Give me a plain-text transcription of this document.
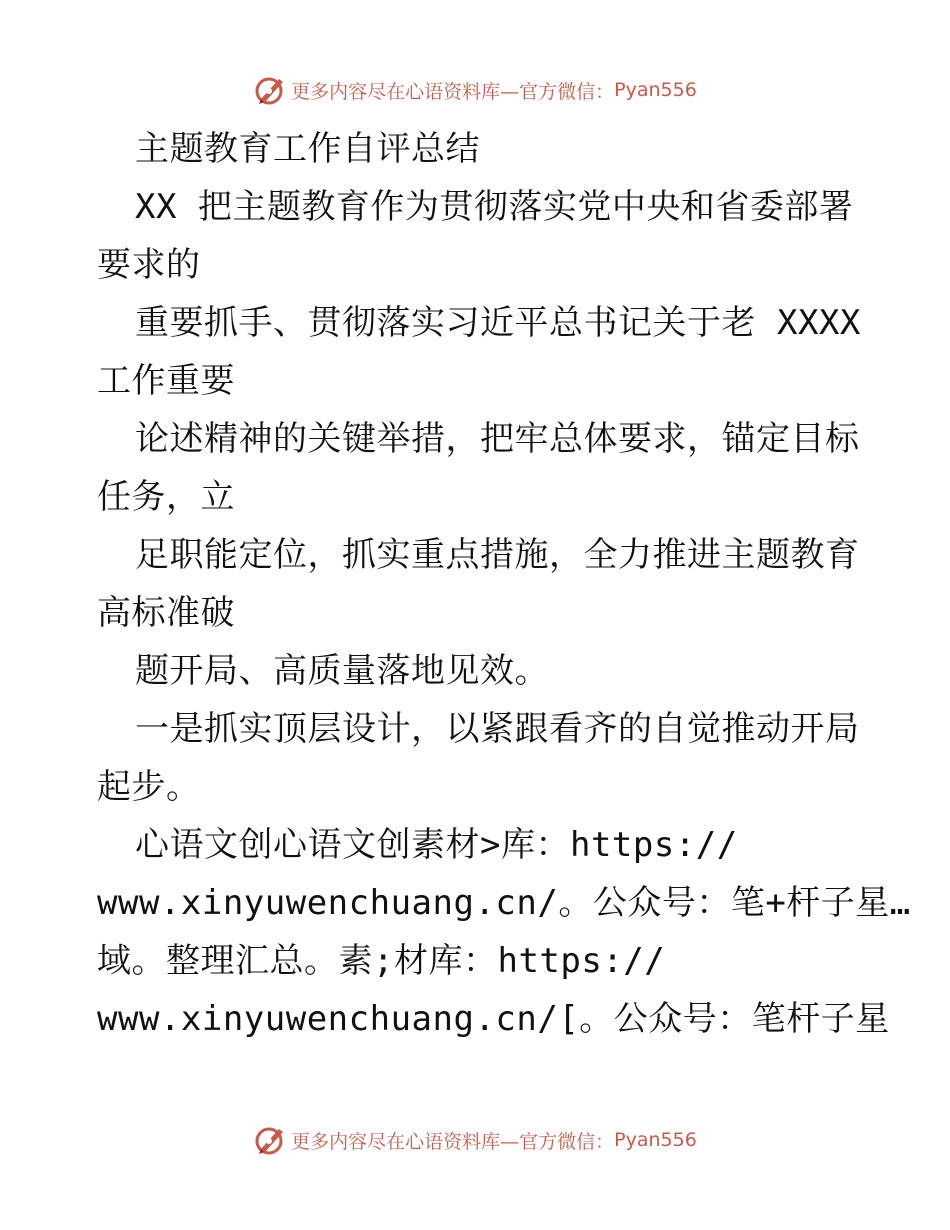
更多内容尽在心语资料库—官方微信： Pyan556
主题教育工作自评总结
XX 把主题教育作为贯彻落实党中央和省委部署
要求的
重要抓手、贯彻落实习近平总书记关于老 XXXX
工作重要
论述精神的关键举措，把牢总体要求，锚定目标
任务，立
足职能定位，抓实重点措施，全力推进主题教育
高标准破
题开局、高质量落地见效。
一是抓实顶层设计，以紧跟看齐的自觉推动开局
起步。
心语文创心语文创素材>库：https://
www.xinyuwenchuang.cn/。公众号：笔+杆子星…
域。整理汇总。素;材库：https://
www.xinyuwenchuang.cn/[。公众号：笔杆子星
更多内容尽在心语资料库—官方微信： Pyan556
